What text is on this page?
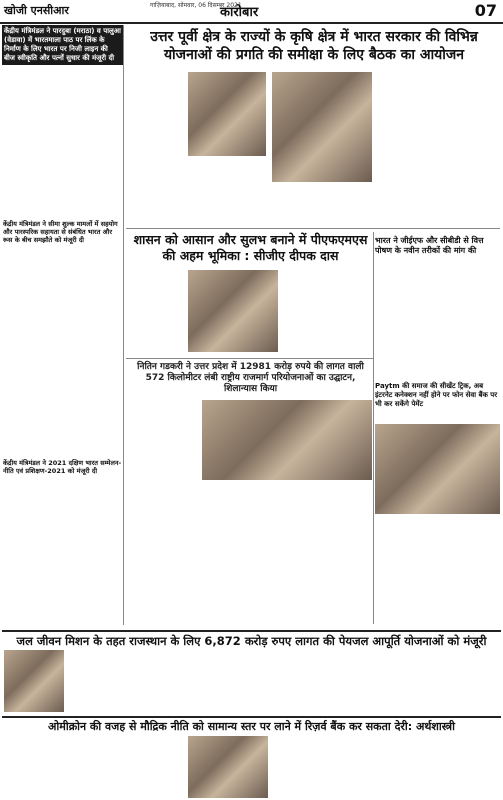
खोजी एनसीआर	गाज़ियाबाद, सोमवार, 06 दिसम्बर 2021
कारोबार	07
केंद्रीय मंत्रिमंडल ने पारदुबा (मराठा) व पालुआ (वेडावा) में भारतमाला पाठ पर लिंक के निर्माण के लिए भारत पर निजी लाइन की बीज स्वीकृति और पत्नों सुधार की मंजूरी दी
केंद्रीय मंत्रिमंडल ने सीमा शुल्क मामलों में सहयोग और पारस्परिक सहायता से संबंधित भारत और रूस के बीच समझौते को मंजूरी दी
केंद्रीय मंत्रिमंडल ने 2021 दक्षिण भारत सम्मेलन-नीति एवं प्रशिक्षण-2021 को मंजूरी दी
उत्तर पूर्वी क्षेत्र के राज्यों के कृषि क्षेत्र में भारत सरकार की विभिन्न योजनाओं की प्रगति की समीक्षा के लिए बैठक का आयोजन
शासन को आसान और सुलभ बनाने में पीएफएमएस की अहम भूमिका : सीजीए दीपक दास
भारत ने जीईएफ और सीबीडी से वित्त पोषण के नवीन तरीकों की मांग की
नितिन गडकरी ने उत्तर प्रदेश में 12981 करोड़ रुपये की लागत वाली 572 किलोमीटर लंबी राष्ट्रीय राजमार्ग परियोजनाओं का उद्घाटन, शिलान्यास किया	Paytm की समाज की सीखेंट ट्रिक, अब इंटरनेट कनेक्शन नहीं होने पर फोन सेवा बैंक पर भी कर सकेंगे पेमेंट
जल जीवन मिशन के तहत राजस्थान के लिए 6,872 करोड़ रुपए लागत की पेयजल आपूर्ति योजनाओं को मंजूरी
ओमीक्रोन की वजह से मौद्रिक नीति को सामान्य स्तर पर लाने में रिज़र्व बैंक कर सकता देरी: अर्थशास्त्री
